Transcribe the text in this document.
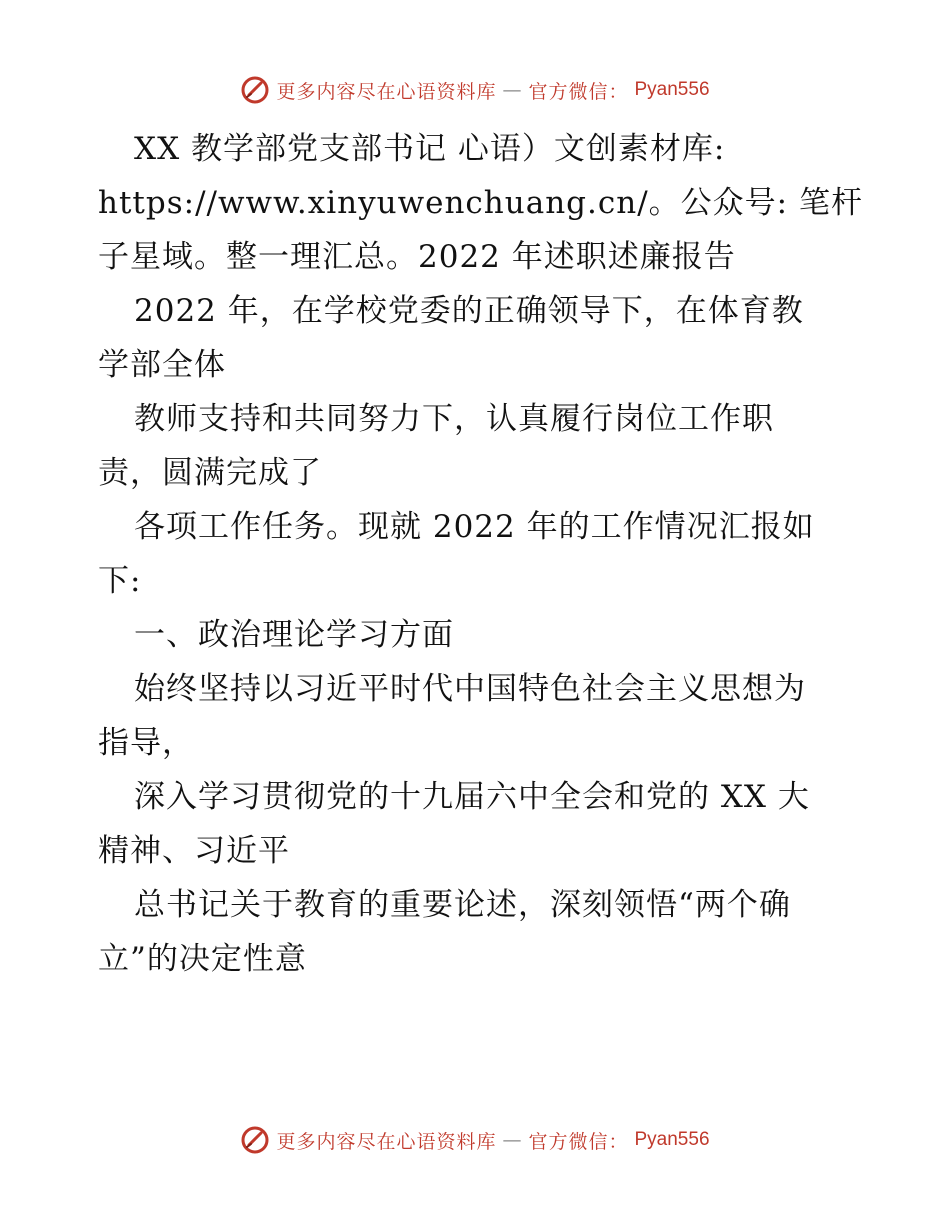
更多内容尽在心语资料库 — 官方微信： Pyan556
XX 教学部党支部书记 心语）文创素材库:
https://www.xinyuwenchuang.cn/。公众号: 笔杆
子星域。整一理汇总。2022 年述职述廉报告
2022 年，在学校党委的正确领导下，在体育教
学部全体
教师支持和共同努力下，认真履行岗位工作职
责，圆满完成了
各项工作任务。现就 2022 年的工作情况汇报如
下:
一、政治理论学习方面
始终坚持以习近平时代中国特色社会主义思想为
指导，
深入学习贯彻党的十九届六中全会和党的 XX 大
精神、习近平
总书记关于教育的重要论述，深刻领悟“两个确
立”的决定性意
更多内容尽在心语资料库 — 官方微信： Pyan556
